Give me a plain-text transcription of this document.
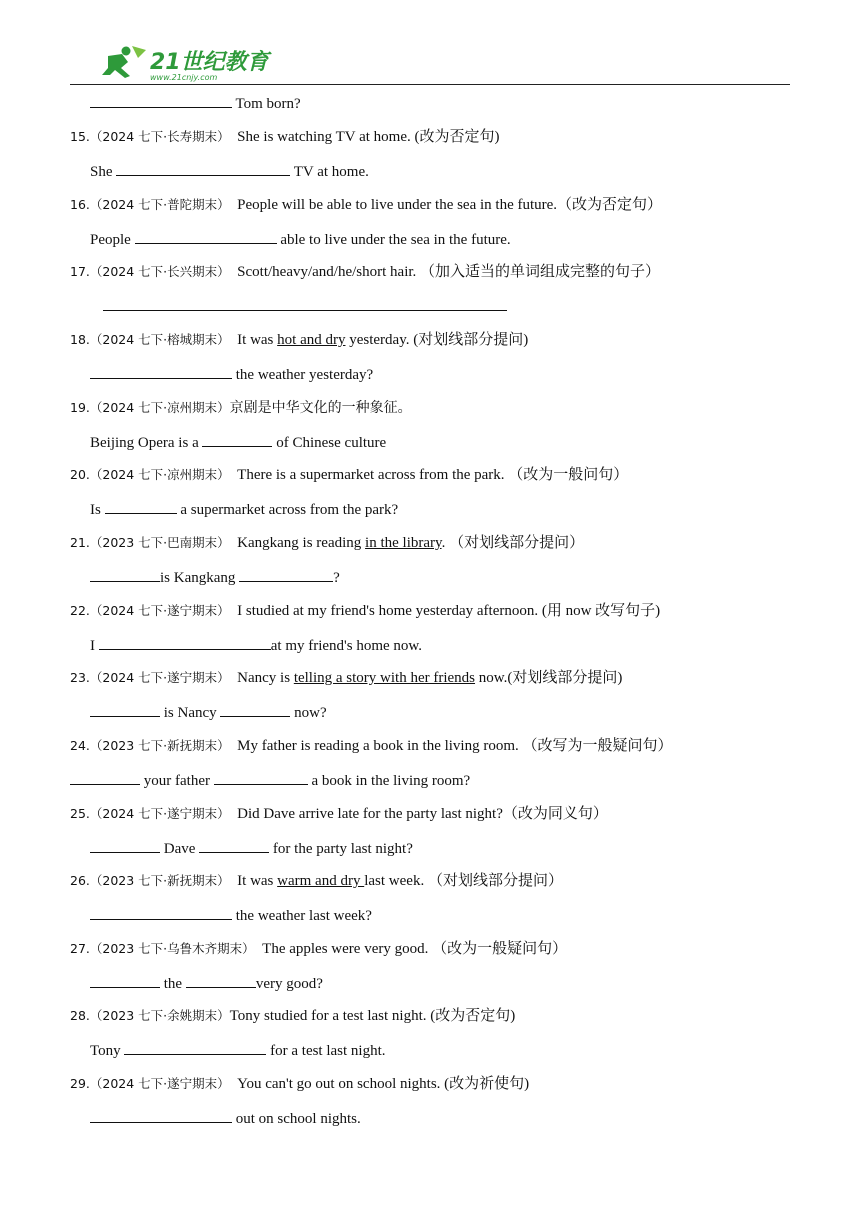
21世纪教育
www.21cnjy.com
Tom born?
15.（2024 七下·长寿期末） She is watching TV at home. (改为否定句)
She	TV at home.
16.（2024 七下·普陀期末） People will be able to live under the sea in the future.（改为否定句）
People	able to live under the sea in the future.
17.（2024 七下·长兴期末） Scott/heavy/and/he/short hair. （加入适当的单词组成完整的句子）
18.（2024 七下·榕城期末） It was hot and dry yesterday. (对划线部分提问)
the weather yesterday?
19.（2024 七下·凉州期末）京剧是中华文化的一种象征。
Beijing Opera is a	of Chinese culture
20.（2024 七下·凉州期末） There is a supermarket across from the park. （改为一般问句）
Is	a supermarket across from the park?
21.（2023 七下·巴南期末） Kangkang is reading in the library. （对划线部分提问）
is Kangkang	?
22.（2024 七下·遂宁期末） I studied at my friend's home yesterday afternoon. (用 now 改写句子)
I	at my friend's home now.
23.（2024 七下·遂宁期末） Nancy is telling a story with her friends now.(对划线部分提问)
is Nancy	now?
24.（2023 七下·新抚期末） My father is reading a book in the living room. （改写为一般疑问句）
your father	a book in the living room?
25.（2024 七下·遂宁期末） Did Dave arrive late for the party last night?（改为同义句）
Dave	for the party last night?
26.（2023 七下·新抚期末） It was warm and dry last week. （对划线部分提问）
the weather last week?
27.（2023 七下·乌鲁木齐期末） The apples were very good. （改为一般疑问句）
the	very good?
28.（2023 七下·余姚期末）Tony studied for a test last night. (改为否定句)
Tony	for a test last night.
29.（2024 七下·遂宁期末） You can't go out on school nights. (改为祈使句)
out on school nights.
